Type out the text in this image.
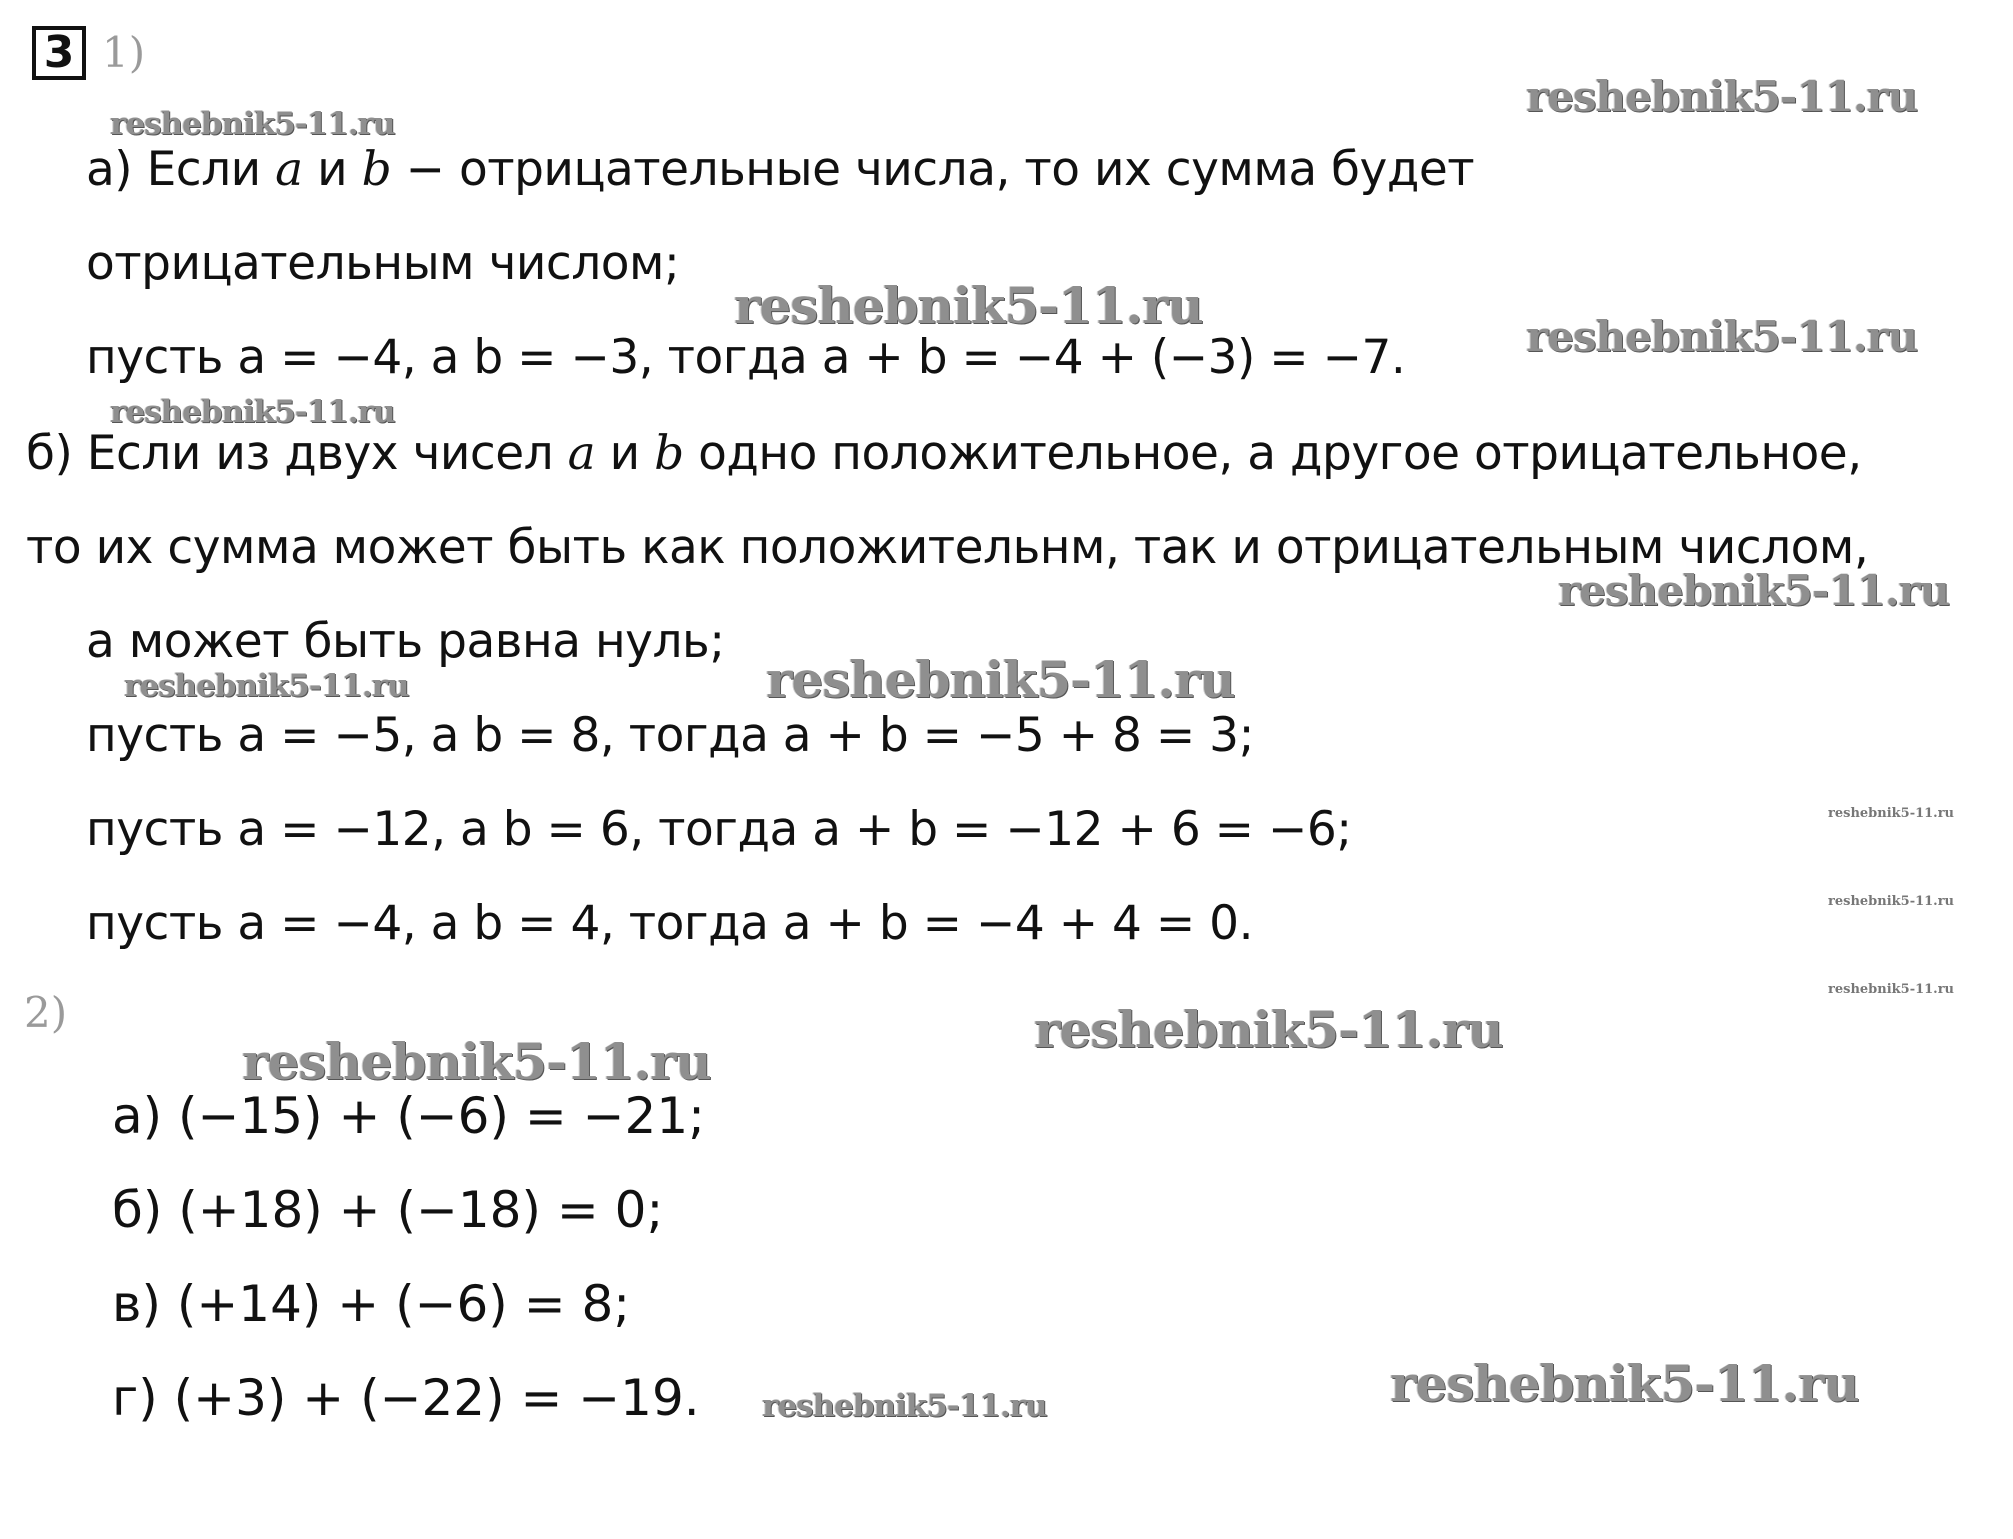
3 1)
2)
а) Если a и b − отрицательные числа, то их сумма будет
отрицательным числом;
пусть a = −4, а b = −3, тогда a + b = −4 + (−3) = −7.
б) Если из двух чисел a и b одно положительное, а другое отрицательное,
то их сумма может быть как положительнм, так и отрицательным числом,
а может быть равна нуль;
пусть a = −5, а b = 8, тогда a + b = −5 + 8 = 3;
пусть a = −12, а b = 6, тогда a + b = −12 + 6 = −6;
пусть a = −4, а b = 4, тогда a + b = −4 + 4 = 0.
а) (−15) + (−6) = −21;
б) (+18) + (−18) = 0;
в) (+14) + (−6) = 8;
г) (+3) + (−22) = −19.
reshebnik5-11.ru
reshebnik5-11.ru
reshebnik5-11.ru
reshebnik5-11.ru
reshebnik5-11.ru
reshebnik5-11.ru
reshebnik5-11.ru
reshebnik5-11.ru
reshebnik5-11.ru
reshebnik5-11.ru
reshebnik5-11.ru
reshebnik5-11.ru
reshebnik5-11.ru
reshebnik5-11.ru
reshebnik5-11.ru
